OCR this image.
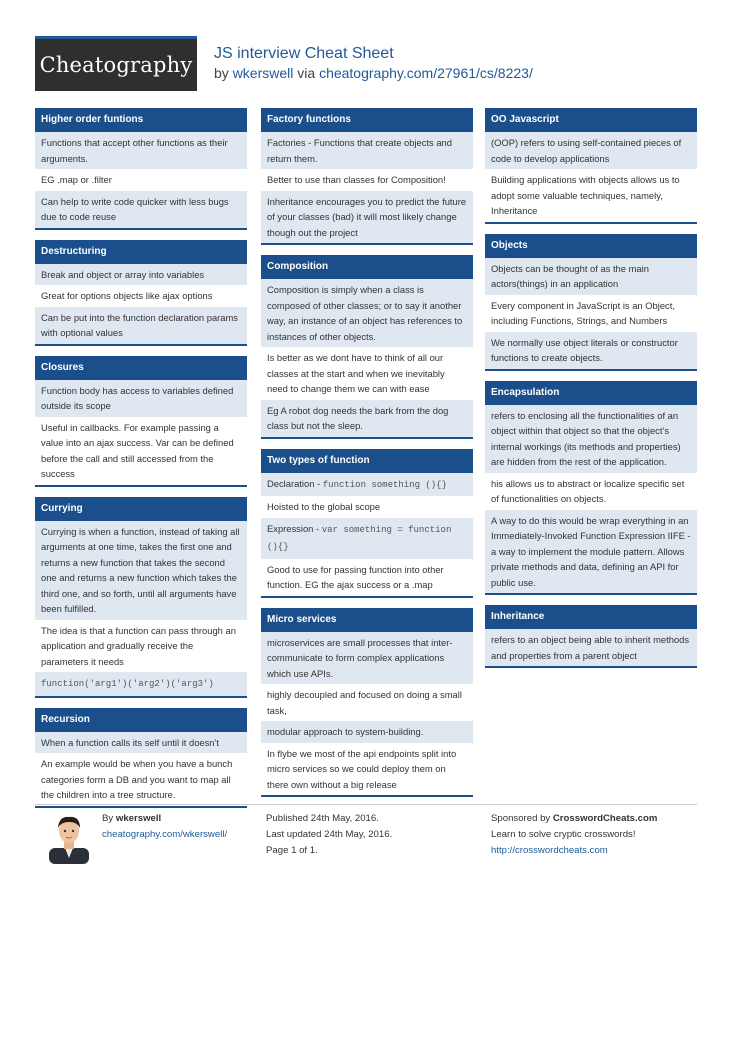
Cheatography JS interview Cheat Sheet
by wkerswell via cheatography.com/27961/cs/8223/
Higher order funtions
Functions that accept other functions as their arguments.
EG .map or .filter
Can help to write code quicker with less bugs due to code reuse
Destructuring
Break and object or array into variables
Great for options objects like ajax options
Can be put into the function declaration params with optional values
Closures
Function body has access to variables defined outside its scope
Useful in callbacks. For example passing a value into an ajax success. Var can be defined before the call and still accessed from the success
Currying
Currying is when a function, instead of taking all arguments at one time, takes the first one and returns a new function that takes the second one and returns a new function which takes the third one, and so forth, until all arguments have been fulfilled.
The idea is that a function can pass through an application and gradually receive the parameters it needs
function('arg1')('arg2')('arg3')
Recursion
When a function calls its self until it doesn't
An example would be when you have a bunch categories form a DB and you want to map all the children into a tree structure.
Factory functions
Factories - Functions that create objects and return them.
Better to use than classes for Composition!
Inheritance encourages you to predict the future of your classes (bad) it will most likely change though out the project
Composition
Composition is simply when a class is composed of other classes; or to say it another way, an instance of an object has references to instances of other objects.
Is better as we dont have to think of all our classes at the start and when we inevitably need to change them we can with ease
Eg A robot dog needs the bark from the dog class but not the sleep.
Two types of function
Declaration - function something (){}
Hoisted to the global scope
Expression - var something = function (){}
Good to use for passing function into other function. EG the ajax success or a .map
Micro services
microservices are small processes that inter-communicate to form complex applications which use APIs.
highly decoupled and focused on doing a small task,
modular approach to system-building.
In flybe we most of the api endpoints split into micro services so we could deploy them on there own without a big release
OO Javascript
(OOP) refers to using self-contained pieces of code to develop applications
Building applications with objects allows us to adopt some valuable techniques, namely, Inheritance
Objects
Objects can be thought of as the main actors(things) in an application
Every component in JavaScript is an Object, including Functions, Strings, and Numbers
We normally use object literals or constructor functions to create objects.
Encapsulation
refers to enclosing all the functionalities of an object within that object so that the object’s internal workings (its methods and properties) are hidden from the rest of the application.
his allows us to abstract or localize specific set of functionalities on objects.
A way to do this would be wrap everything in an Immediately-Invoked Function Expression IIFE - a way to implement the module pattern. Allows private methods and data, defining an API for public use.
Inheritance
refers to an object being able to inherit methods and properties from a parent object
By wkerswell
cheatography.com/wkerswell/
Published 24th May, 2016.
Last updated 24th May, 2016.
Page 1 of 1.
Sponsored by CrosswordCheats.com
Learn to solve cryptic crosswords!
http://crosswordcheats.com
